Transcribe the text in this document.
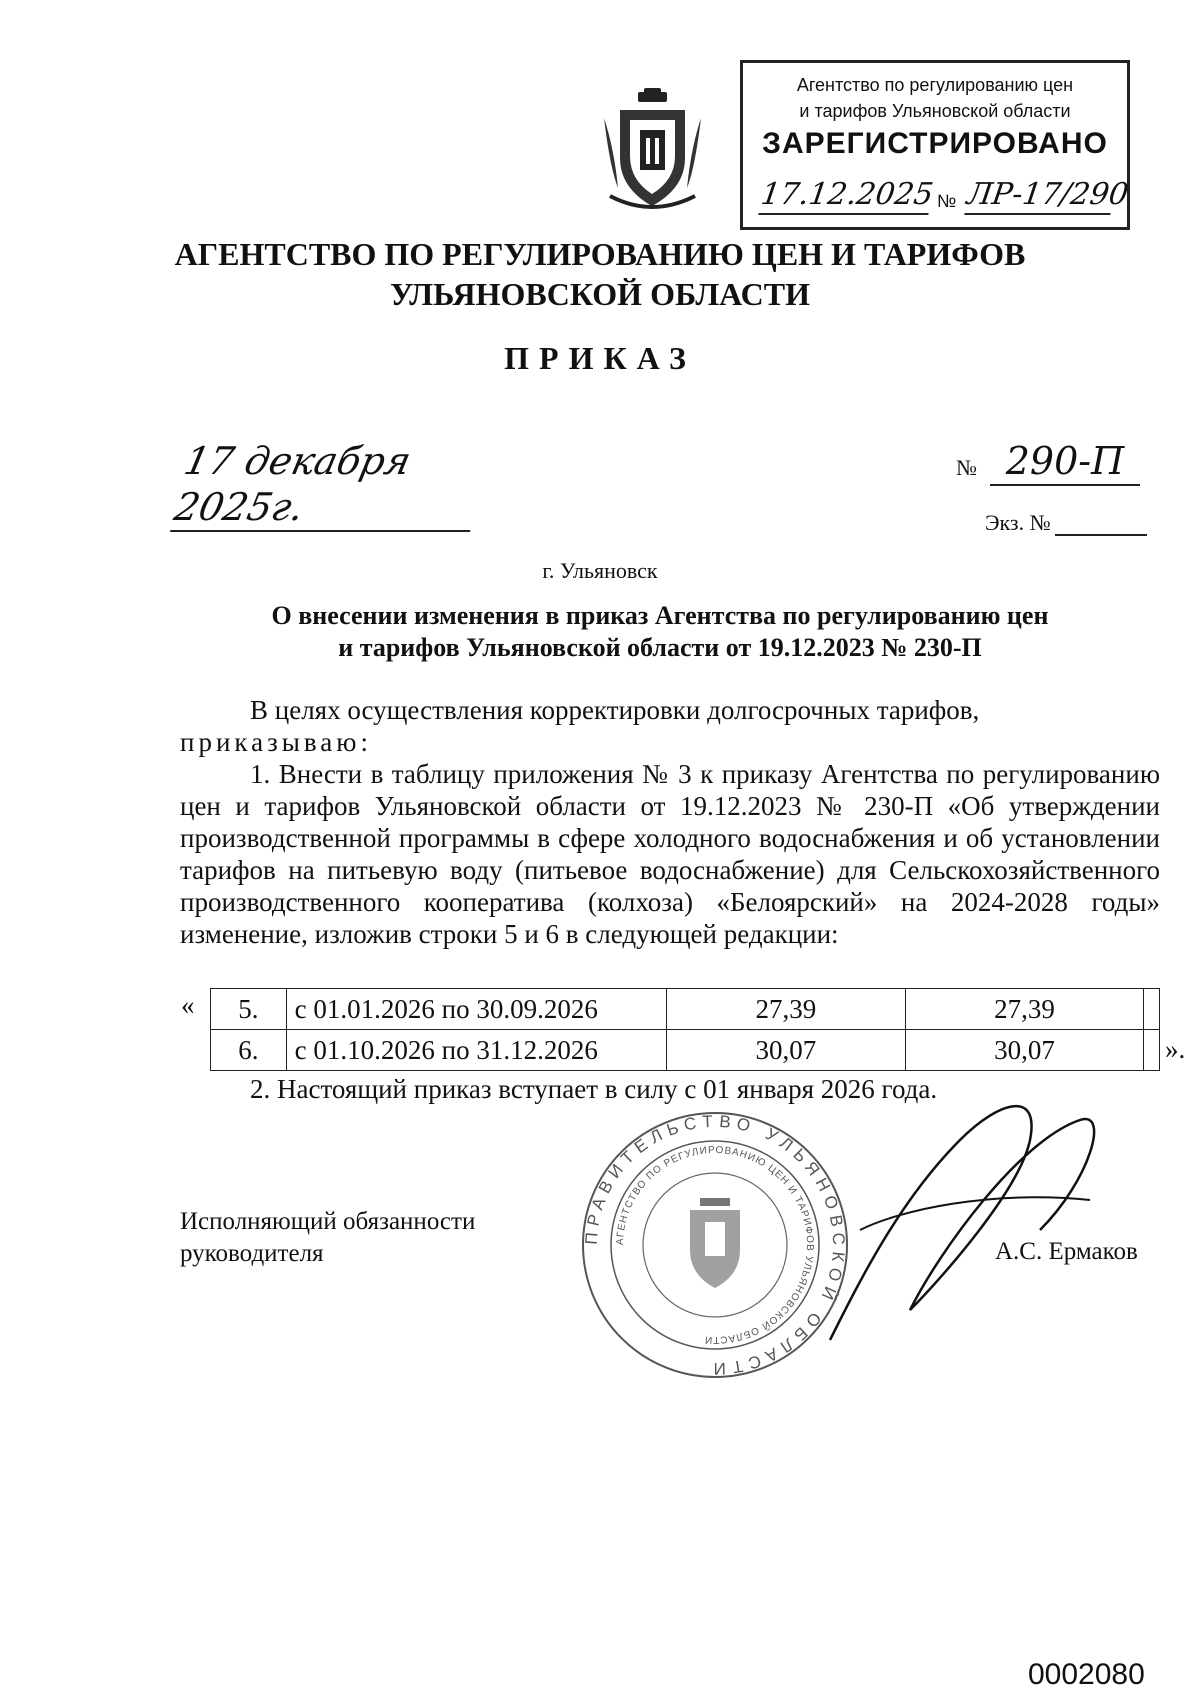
Агентство по регулированию цен
и тарифов Ульяновской области
ЗАРЕГИСТРИРОВАНО
17.12.2025 № ЛР-17/290
АГЕНТСТВО ПО РЕГУЛИРОВАНИЮ ЦЕН И ТАРИФОВ
УЛЬЯНОВСКОЙ ОБЛАСТИ
ПРИКАЗ
17 декабря 2025г.
№ 290-П
Экз. №
г. Ульяновск
О внесении изменения в приказ Агентства по регулированию цен
и тарифов Ульяновской области от 19.12.2023 № 230-П

В целях осуществления корректировки долгосрочных тарифов,

приказываю:

1. Внести в таблицу приложения № 3 к приказу Агентства по регулированию цен и тарифов Ульяновской области от 19.12.2023 № 230-П «Об утверждении производственной программы в сфере холодного водоснабжения и об установлении тарифов на питьевую воду (питьевое водоснабжение) для Сельскохозяйственного производственного кооператива (колхоза) «Белоярский» на 2024-2028 годы» изменение, изложив строки 5 и 6 в следующей редакции:

« 5.	с 01.01.2026 по 30.09.2026	27,39	27,39	
6.	с 01.10.2026 по 31.12.2026	30,07	30,07		».
2. Настоящий приказ вступает в силу с 01 января 2026 года.
Исполняющий обязанности
руководителя	А.С. Ермаков
ПРАВИТЕЛЬСТВО УЛЬЯНОВСКОЙ ОБЛАСТИ
АГЕНТСТВО ПО РЕГУЛИРОВАНИЮ ЦЕН И ТАРИФОВ УЛЬЯНОВСКОЙ ОБЛАСТИ
0002080
